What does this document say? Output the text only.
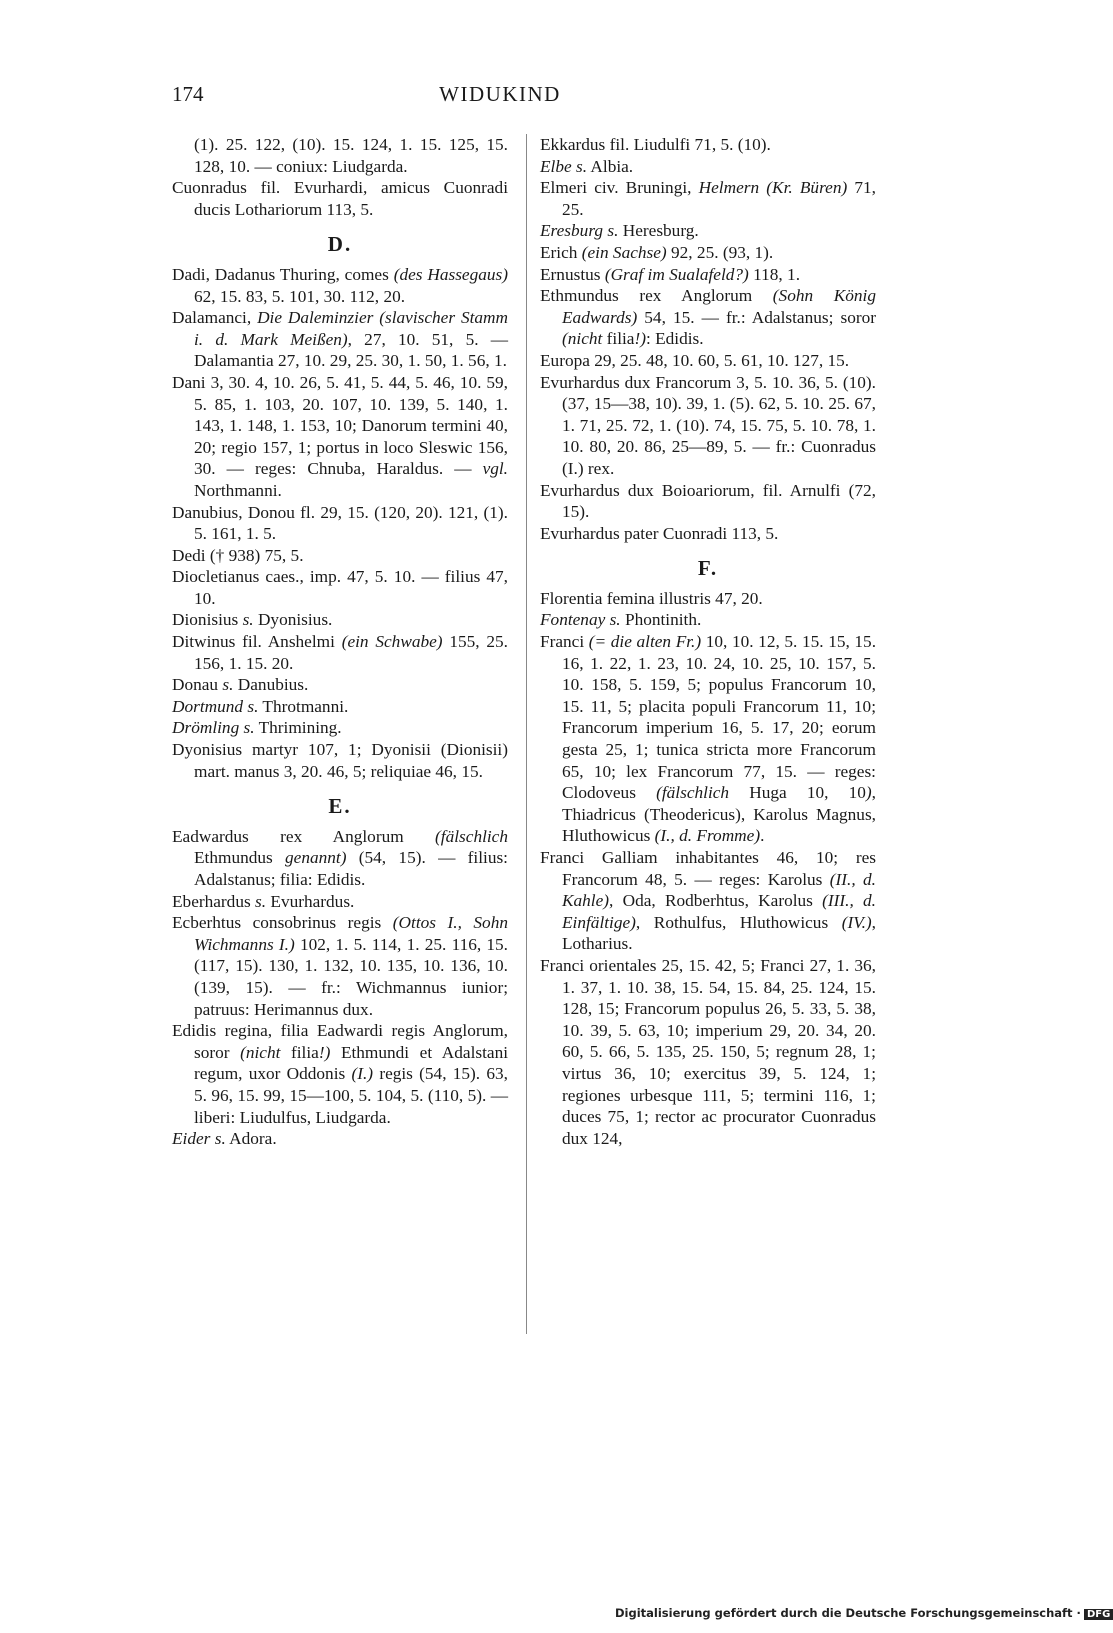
174	WIDUKIND
(1). 25. 122, (10). 15. 124, 1. 15. 125, 15. 128, 10. — coniux: Liudgarda.
Cuonradus fil. Evurhardi, amicus Cuonradi ducis Lothariorum 113, 5.
D.
Dadi, Dadanus Thuring, comes (des Hassegaus) 62, 15. 83, 5. 101, 30. 112, 20.
Dalamanci, Die Daleminzier (slavischer Stamm i. d. Mark Meißen), 27, 10. 51, 5. — Dalamantia 27, 10. 29, 25. 30, 1. 50, 1. 56, 1.
Dani 3, 30. 4, 10. 26, 5. 41, 5. 44, 5. 46, 10. 59, 5. 85, 1. 103, 20. 107, 10. 139, 5. 140, 1. 143, 1. 148, 1. 153, 10; Danorum termini 40, 20; regio 157, 1; portus in loco Sleswic 156, 30. — reges: Chnuba, Haraldus. — vgl. Northmanni.
Danubius, Donou fl. 29, 15. (120, 20). 121, (1). 5. 161, 1. 5.
Dedi († 938) 75, 5.
Diocletianus caes., imp. 47, 5. 10. — filius 47, 10.
Dionisius s. Dyonisius.
Ditwinus fil. Anshelmi (ein Schwabe) 155, 25. 156, 1. 15. 20.
Donau s. Danubius.
Dortmund s. Throtmanni.
Drömling s. Thrimining.
Dyonisius martyr 107, 1; Dyonisii (Dionisii) mart. manus 3, 20. 46, 5; reliquiae 46, 15.
E.
Eadwardus rex Anglorum (fälschlich Ethmundus genannt) (54, 15). — filius: Adalstanus; filia: Edidis.
Eberhardus s. Evurhardus.
Ecberhtus consobrinus regis (Ottos I., Sohn Wichmanns I.) 102, 1. 5. 114, 1. 25. 116, 15. (117, 15). 130, 1. 132, 10. 135, 10. 136, 10. (139, 15). — fr.: Wichmannus iunior; patruus: Herimannus dux.
Edidis regina, filia Eadwardi regis Anglorum, soror (nicht filia!) Ethmundi et Adalstani regum, uxor Oddonis (I.) regis (54, 15). 63, 5. 96, 15. 99, 15—100, 5. 104, 5. (110, 5). — liberi: Liudulfus, Liudgarda.
Eider s. Adora.
Ekkardus fil. Liudulfi 71, 5. (10).
Elbe s. Albia.
Elmeri civ. Bruningi, Helmern (Kr. Büren) 71, 25.
Eresburg s. Heresburg.
Erich (ein Sachse) 92, 25. (93, 1).
Ernustus (Graf im Sualafeld?) 118, 1.
Ethmundus rex Anglorum (Sohn König Eadwards) 54, 15. — fr.: Adalstanus; soror (nicht filia!): Edidis.
Europa 29, 25. 48, 10. 60, 5. 61, 10. 127, 15.
Evurhardus dux Francorum 3, 5. 10. 36, 5. (10). (37, 15—38, 10). 39, 1. (5). 62, 5. 10. 25. 67, 1. 71, 25. 72, 1. (10). 74, 15. 75, 5. 10. 78, 1. 10. 80, 20. 86, 25—89, 5. — fr.: Cuonradus (I.) rex.
Evurhardus dux Boioariorum, fil. Arnulfi (72, 15).
Evurhardus pater Cuonradi 113, 5.
F.
Florentia femina illustris 47, 20.
Fontenay s. Phontinith.
Franci (= die alten Fr.) 10, 10. 12, 5. 15. 15, 15. 16, 1. 22, 1. 23, 10. 24, 10. 25, 10. 157, 5. 10. 158, 5. 159, 5; populus Francorum 10, 15. 11, 5; placita populi Francorum 11, 10; Francorum imperium 16, 5. 17, 20; eorum gesta 25, 1; tunica stricta more Francorum 65, 10; lex Francorum 77, 15. — reges: Clodoveus (fälschlich Huga 10, 10), Thiadricus (Theodericus), Karolus Magnus, Hluthowicus (I., d. Fromme).
Franci Galliam inhabitantes 46, 10; res Francorum 48, 5. — reges: Karolus (II., d. Kahle), Oda, Rodberhtus, Karolus (III., d. Einfältige), Rothulfus, Hluthowicus (IV.), Lotharius.
Franci orientales 25, 15. 42, 5; Franci 27, 1. 36, 1. 37, 1. 10. 38, 15. 54, 15. 84, 25. 124, 15. 128, 15; Francorum populus 26, 5. 33, 5. 38, 10. 39, 5. 63, 10; imperium 29, 20. 34, 20. 60, 5. 66, 5. 135, 25. 150, 5; regnum 28, 1; virtus 36, 10; exercitus 39, 5. 124, 1; regiones urbesque 111, 5; termini 116, 1; duces 75, 1; rector ac procurator Cuonradus dux 124,
Digitalisierung gefördert durch die Deutsche Forschungsgemeinschaft · DFG
